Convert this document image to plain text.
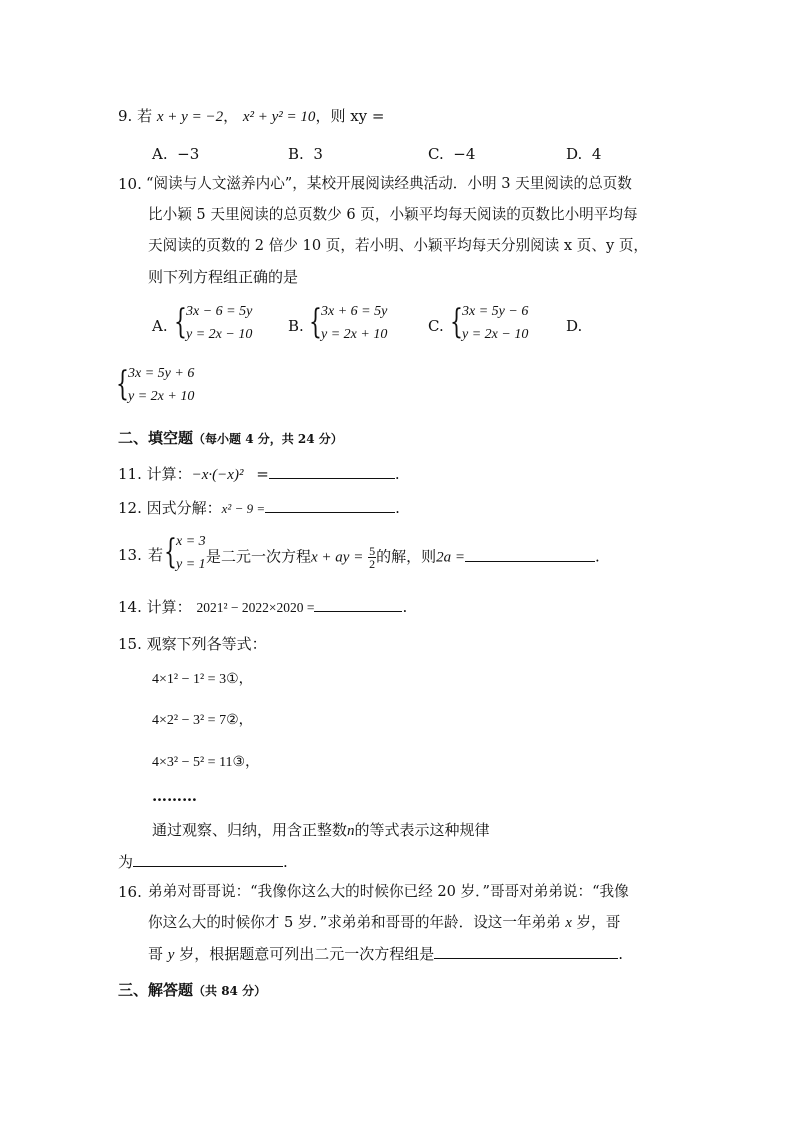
9. 若 x + y = −2， x² + y² = 10，则 xy =
A. −3	B. 3	C. −4	D. 4
10. “阅读与人文滋养内心”，某校开展阅读经典活动．小明 3 天里阅读的总页数
比小颖 5 天里阅读的总页数少 6 页，小颖平均每天阅读的页数比小明平均每
天阅读的页数的 2 倍少 10 页，若小明、小颖平均每天分别阅读 x 页、y 页，
则下列方程组正确的是
A. { 3x − 6 = 5y
y = 2x − 10 B. { 3x + 6 = 5y
y = 2x + 10	C. { 3x = 5y − 6
y = 2x − 10	D.
{ 3x = 5y + 6
y = 2x + 10
二、填空题（每小题 4 分，共 24 分）
11. 计算：−x·(−x)² =	.
12. 因式分解：x² − 9 =	.
13. 若 { x = 3
y = 1 是二元一次方程x + ay = $\frac{5}{2}$ 的解，则2a =	.
14. 计算： 2021² − 2022×2020 =	.
15. 观察下列各等式：
4×1² − 1² = 3①，
4×2² − 3² = 7②，
4×3² − 5² = 11③，
………
通过观察、归纳，用含正整数n的等式表示这种规律
为	.
16. 弟弟对哥哥说：“我像你这么大的时候你已经 20 岁．”哥哥对弟弟说：“我像
你这么大的时候你才 5 岁．”求弟弟和哥哥的年龄．设这一年弟弟 x 岁，哥
哥 y 岁，根据题意可列出二元一次方程组是	.
三、解答题（共 84 分）
